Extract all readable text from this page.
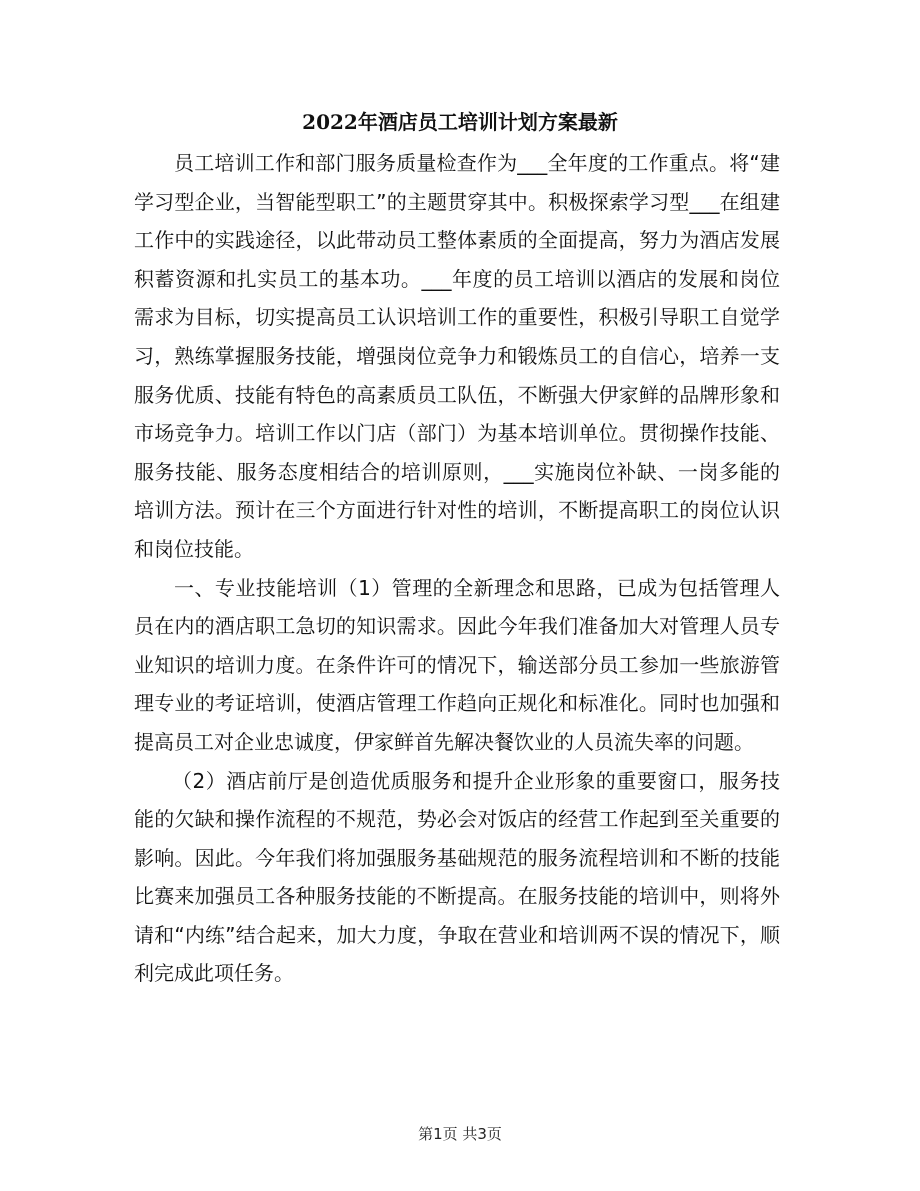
2022年酒店员工培训计划方案最新

员工培训工作和部门服务质量检查作为___全年度的工作重点。将“建学习型企业，当智能型职工”的主题贯穿其中。积极探索学习型___在组建工作中的实践途径，以此带动员工整体素质的全面提高，努力为酒店发展积蓄资源和扎实员工的基本功。___年度的员工培训以酒店的发展和岗位需求为目标，切实提高员工认识培训工作的重要性，积极引导职工自觉学习，熟练掌握服务技能，增强岗位竞争力和锻炼员工的自信心，培养一支服务优质、技能有特色的高素质员工队伍，不断强大伊家鲜的品牌形象和市场竞争力。培训工作以门店（部门）为基本培训单位。贯彻操作技能、服务技能、服务态度相结合的培训原则，___实施岗位补缺、一岗多能的培训方法。预计在三个方面进行针对性的培训，不断提高职工的岗位认识和岗位技能。

一、专业技能培训（1）管理的全新理念和思路，已成为包括管理人员在内的酒店职工急切的知识需求。因此今年我们准备加大对管理人员专业知识的培训力度。在条件许可的情况下，输送部分员工参加一些旅游管理专业的考证培训，使酒店管理工作趋向正规化和标准化。同时也加强和提高员工对企业忠诚度，伊家鲜首先解决餐饮业的人员流失率的问题。

（2）酒店前厅是创造优质服务和提升企业形象的重要窗口，服务技能的欠缺和操作流程的不规范，势必会对饭店的经营工作起到至关重要的影响。因此。今年我们将加强服务基础规范的服务流程培训和不断的技能比赛来加强员工各种服务技能的不断提高。在服务技能的培训中，则将外请和“内练”结合起来，加大力度，争取在营业和培训两不误的情况下，顺利完成此项任务。

第1页 共3页
